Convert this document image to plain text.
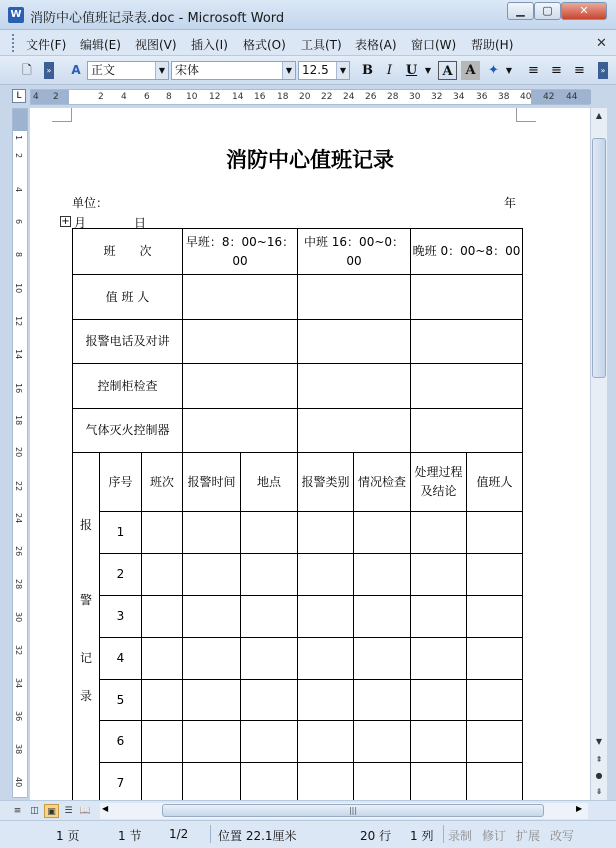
W 消防中心值班记录表.doc - Microsoft Word
▁	▢	✕
文件(F) 编辑(E) 视图(V) 插入(I) 格式(O) 工具(T) 表格(A) 窗口(W) 帮助(H)	✕
🗋	»	A 正文	▼ 宋体	▼ 12.5	▼	B	I	U ▼ A A ✦ ▼	≡ ≡ ≡	»
L	4 2	2 4 6 8 10 12 14 16 18 20 22 24 26 28 30 32 34 36 38 40 42 44
1
2
4
6
8
10
12
14
16
18
20
22
24
26
28
30
32
34
36
38
40
消防中心值班记录
单位：	年
+ 月	日
班　　次			早班：8：00~16：00		中班 16：00~0：00		晚班 0：00~8：00	
值 班 人								
报警电话及对讲								
控制柜检查								
气体灭火控制器								

报
警
记
录	序号	班次	报警时间	地点	报警类别	情况检查	处理过程及结论	值班人
	1							
	2							
	3							
	4							
	5							
	6							
	7							
▲
▼
⇞
●
⇟
≡ ◫ ▣ ☰ 📖 ◀	|||	▶
1 页	1 节 1/2 位置 22.1厘米	20 行 1 列 录制 修订 扩展 改写
